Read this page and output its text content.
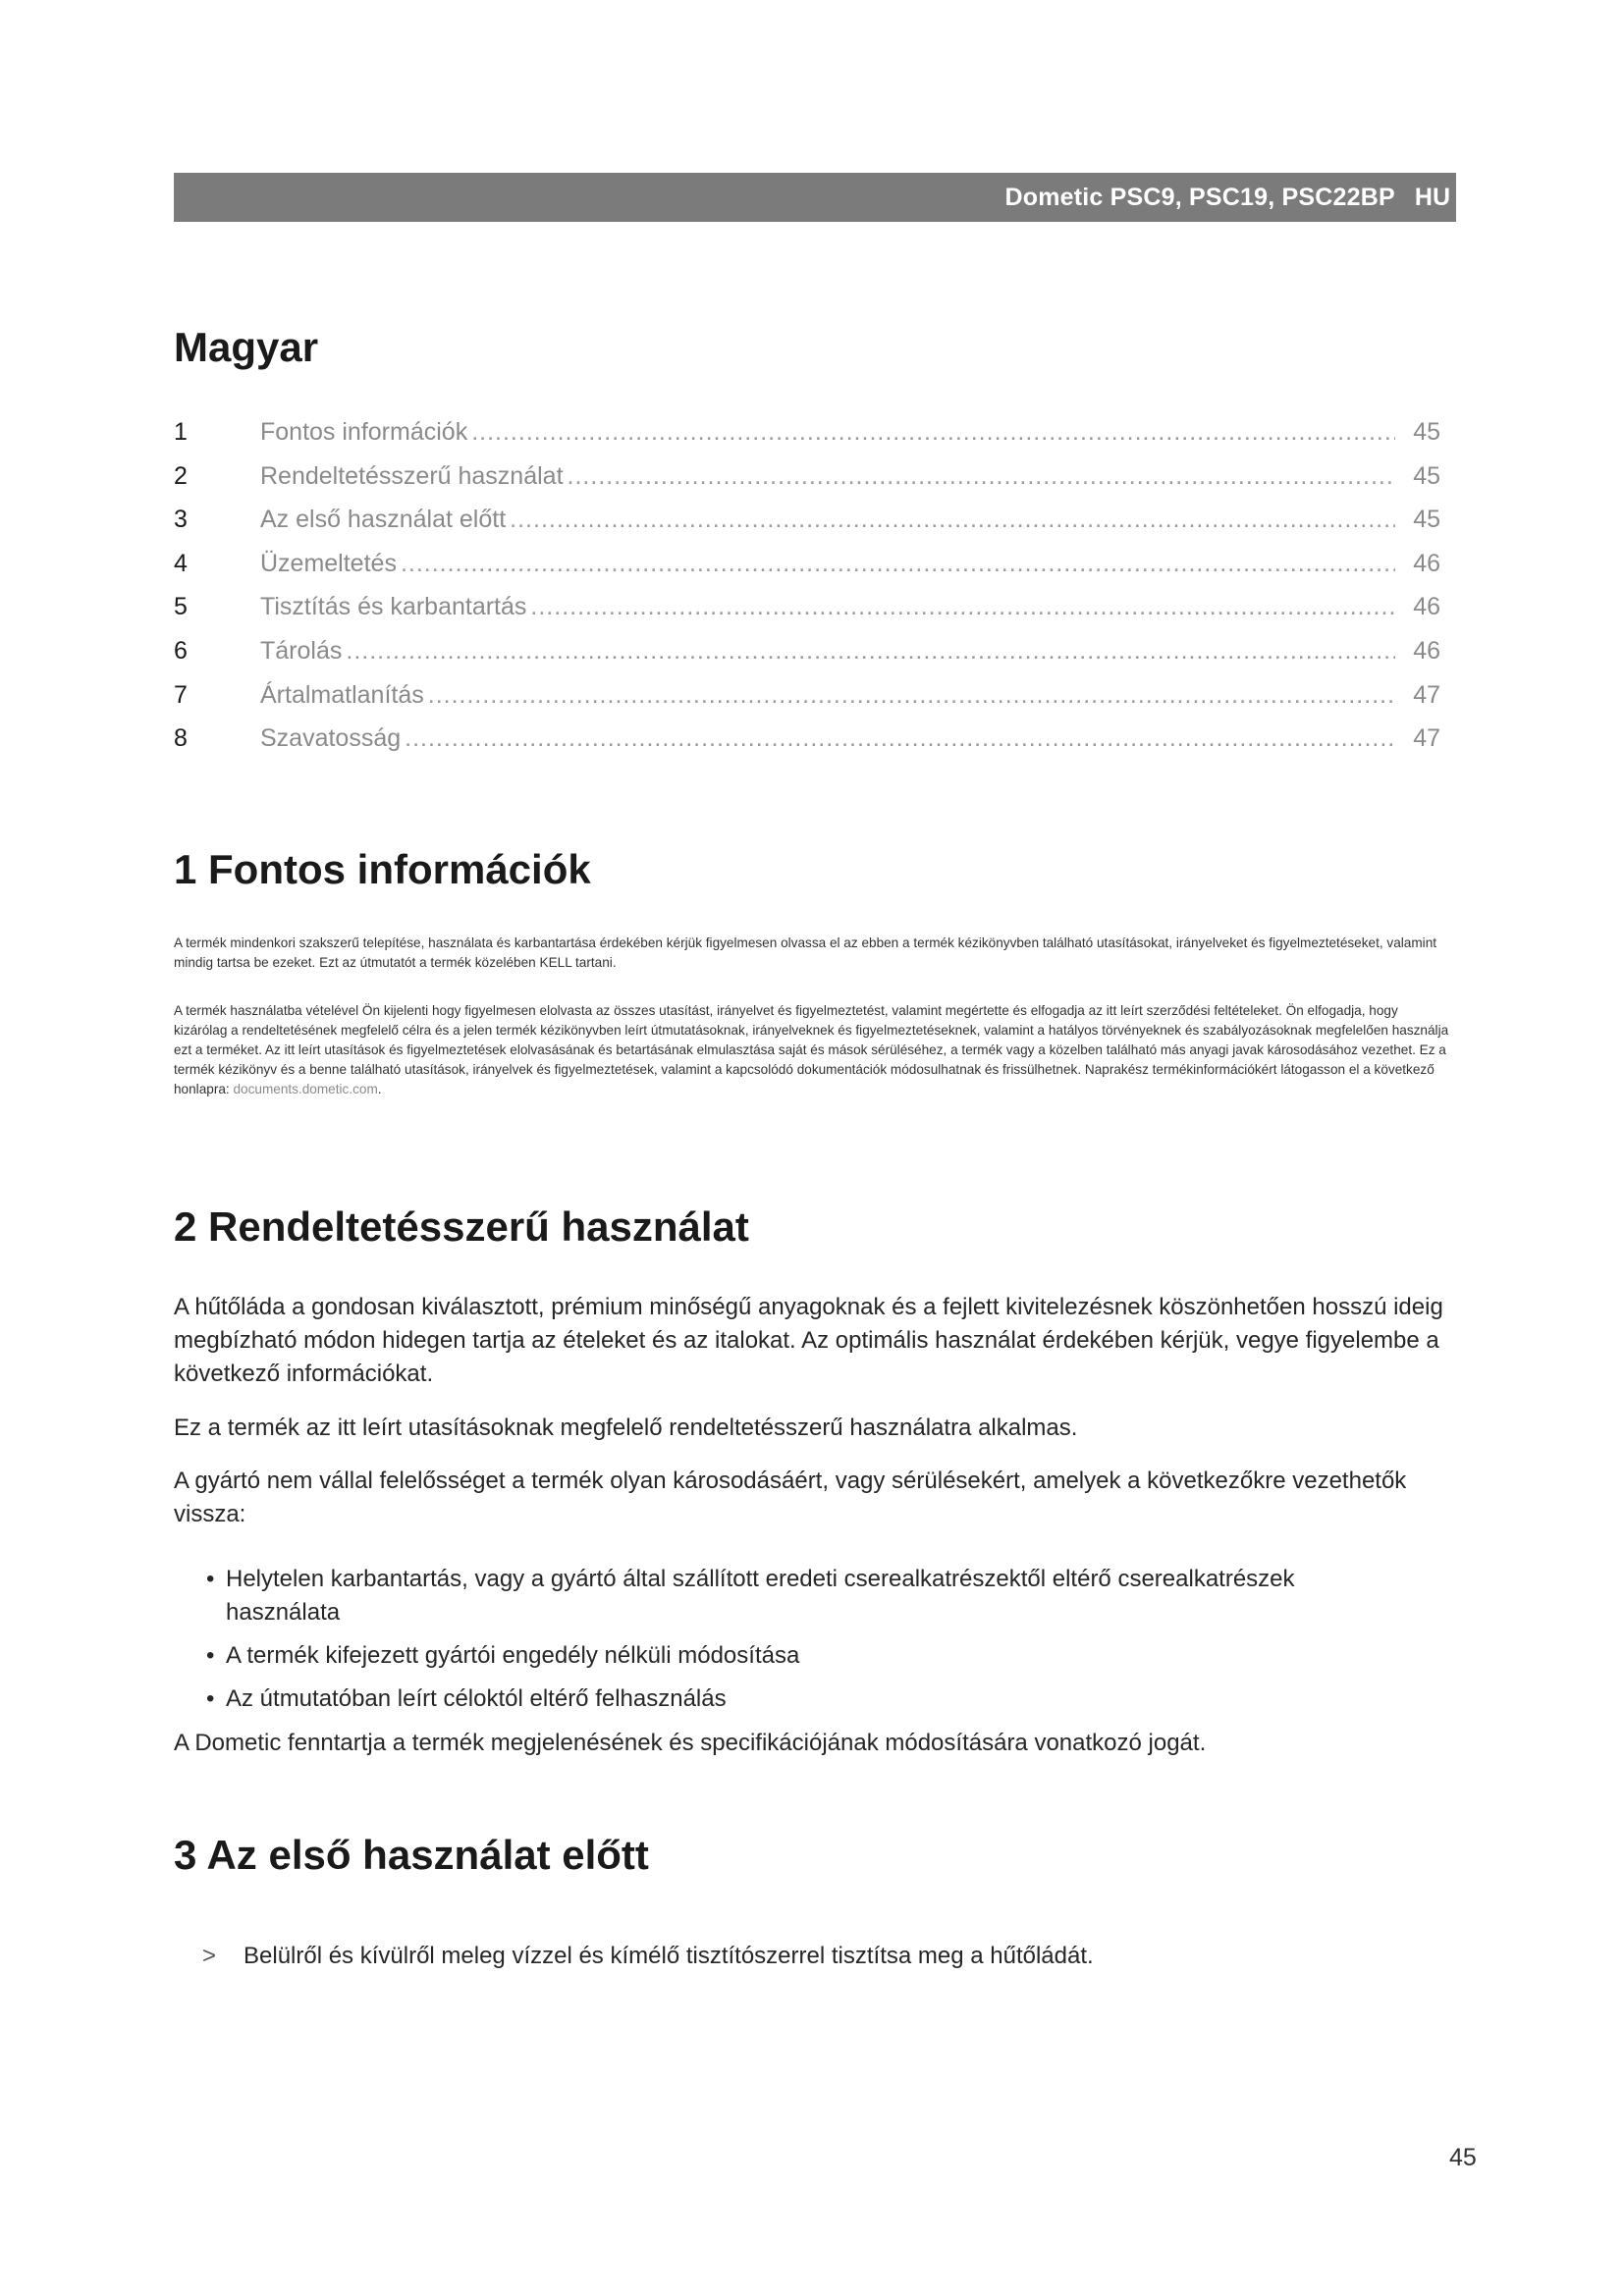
Dometic PSC9, PSC19, PSC22BP HU
Magyar
1	Fontos információk .....	45
2	Rendeltetésszerű használat .....	45
3	Az első használat előtt .....	45
4	Üzemeltetés .....	46
5	Tisztítás és karbantartás .....	46
6	Tárolás .....	46
7	Ártalmatlanítás .....	47
8	Szavatosság .....	47
1 Fontos információk

A termék mindenkori szakszerű telepítése, használata és karbantartása érdekében kérjük figyelmesen olvassa el az ebben a termék kézikönyvben található utasításokat, irányelveket és figyelmeztetéseket, valamint mindig tartsa be ezeket. Ezt az útmutatót a termék közelében KELL tartani.

A termék használatba vételével Ön kijelenti hogy figyelmesen elolvasta az összes utasítást, irányelvet és figyelmeztetést, valamint megértette és elfogadja az itt leírt szerződési feltételeket. Ön elfogadja, hogy kizárólag a rendeltetésének megfelelő célra és a jelen termék kézikönyvben leírt útmutatásoknak, irányelveknek és figyelmeztetéseknek, valamint a hatályos törvényeknek és szabályozásoknak megfelelően használja ezt a terméket. Az itt leírt utasítások és figyelmeztetések elolvasásának és betartásának elmulasztása saját és mások sérüléséhez, a termék vagy a közelben található más anyagi javak károsodásához vezethet. Ez a termék kézikönyv és a benne található utasítások, irányelvek és figyelmeztetések, valamint a kapcsolódó dokumentációk módosulhatnak és frissülhetnek. Naprakész termékinformációkért látogasson el a következő honlapra: documents.dometic.com.

2 Rendeltetésszerű használat

A hűtőláda a gondosan kiválasztott, prémium minőségű anyagoknak és a fejlett kivitelezésnek köszönhetően hosszú ideig megbízható módon hidegen tartja az ételeket és az italokat. Az optimális használat érdekében kérjük, vegye figyelembe a következő információkat.

Ez a termék az itt leírt utasításoknak megfelelő rendeltetésszerű használatra alkalmas.

A gyártó nem vállal felelősséget a termék olyan károsodásáért, vagy sérülésekért, amelyek a következőkre vezethetők vissza:

• Helytelen karbantartás, vagy a gyártó által szállított eredeti cserealkatrészektől eltérő cserealkatrészek használata
• A termék kifejezett gyártói engedély nélküli módosítása
• Az útmutatóban leírt céloktól eltérő felhasználás

A Dometic fenntartja a termék megjelenésének és specifikációjának módosítására vonatkozó jogát.

3 Az első használat előtt
>	Belülről és kívülről meleg vízzel és kímélő tisztítószerrel tisztítsa meg a hűtőládát.
45
